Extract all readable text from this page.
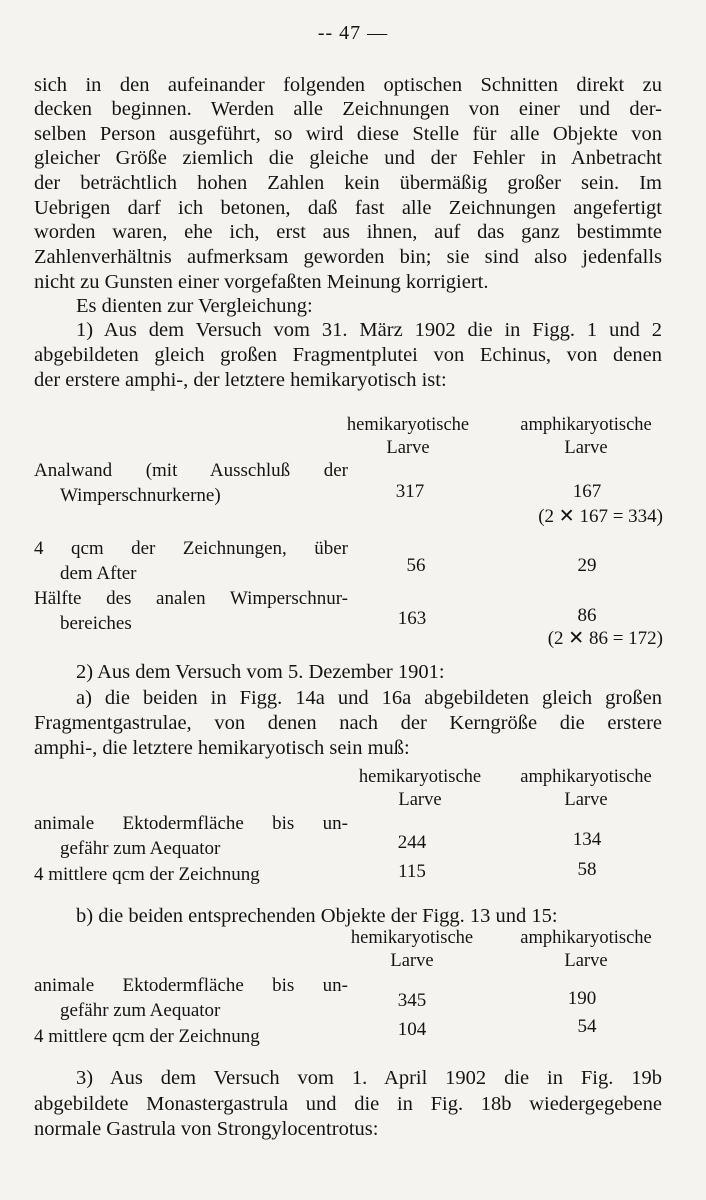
-- 47 —
sich in den aufeinander folgenden optischen Schnitten direkt zu
decken beginnen. Werden alle Zeichnungen von einer und der-
selben Person ausgeführt, so wird diese Stelle für alle Objekte von
gleicher Größe ziemlich die gleiche und der Fehler in Anbetracht
der beträchtlich hohen Zahlen kein übermäßig großer sein. Im
Uebrigen darf ich betonen, daß fast alle Zeichnungen angefertigt
worden waren, ehe ich, erst aus ihnen, auf das ganz bestimmte
Zahlenverhältnis aufmerksam geworden bin; sie sind also jedenfalls
nicht zu Gunsten einer vorgefaßten Meinung korrigiert.
Es dienten zur Vergleichung:
1) Aus dem Versuch vom 31. März 1902 die in Figg. 1 und 2
abgebildeten gleich großen Fragmentplutei von Echinus, von denen
der erstere amphi-, der letztere hemikaryotisch ist:
hemikaryotische
Larve
amphikaryotische
Larve
Analwand (mit Ausschluß der
Wimperschnurkerne)	317	167
(2 ✕ 167 = 334)
4 qcm der Zeichnungen, über
dem After	56	29
Hälfte des analen Wimperschnur-
bereiches	163	86
(2 ✕ 86 = 172)
2) Aus dem Versuch vom 5. Dezember 1901:
a) die beiden in Figg. 14a und 16a abgebildeten gleich großen
Fragmentgastrulae, von denen nach der Kerngröße die erstere
amphi-, die letztere hemikaryotisch sein muß:
hemikaryotische
Larve
amphikaryotische
Larve
animale Ektodermfläche bis un-
gefähr zum Aequator	244	134
4 mittlere qcm der Zeichnung	115	58
b) die beiden entsprechenden Objekte der Figg. 13 und 15:
hemikaryotische
Larve
amphikaryotische
Larve
animale Ektodermfläche bis un-
gefähr zum Aequator	345	190
4 mittlere qcm der Zeichnung	104	54
3) Aus dem Versuch vom 1. April 1902 die in Fig. 19b
abgebildete Monastergastrula und die in Fig. 18b wiedergegebene
normale Gastrula von Strongylocentrotus:
